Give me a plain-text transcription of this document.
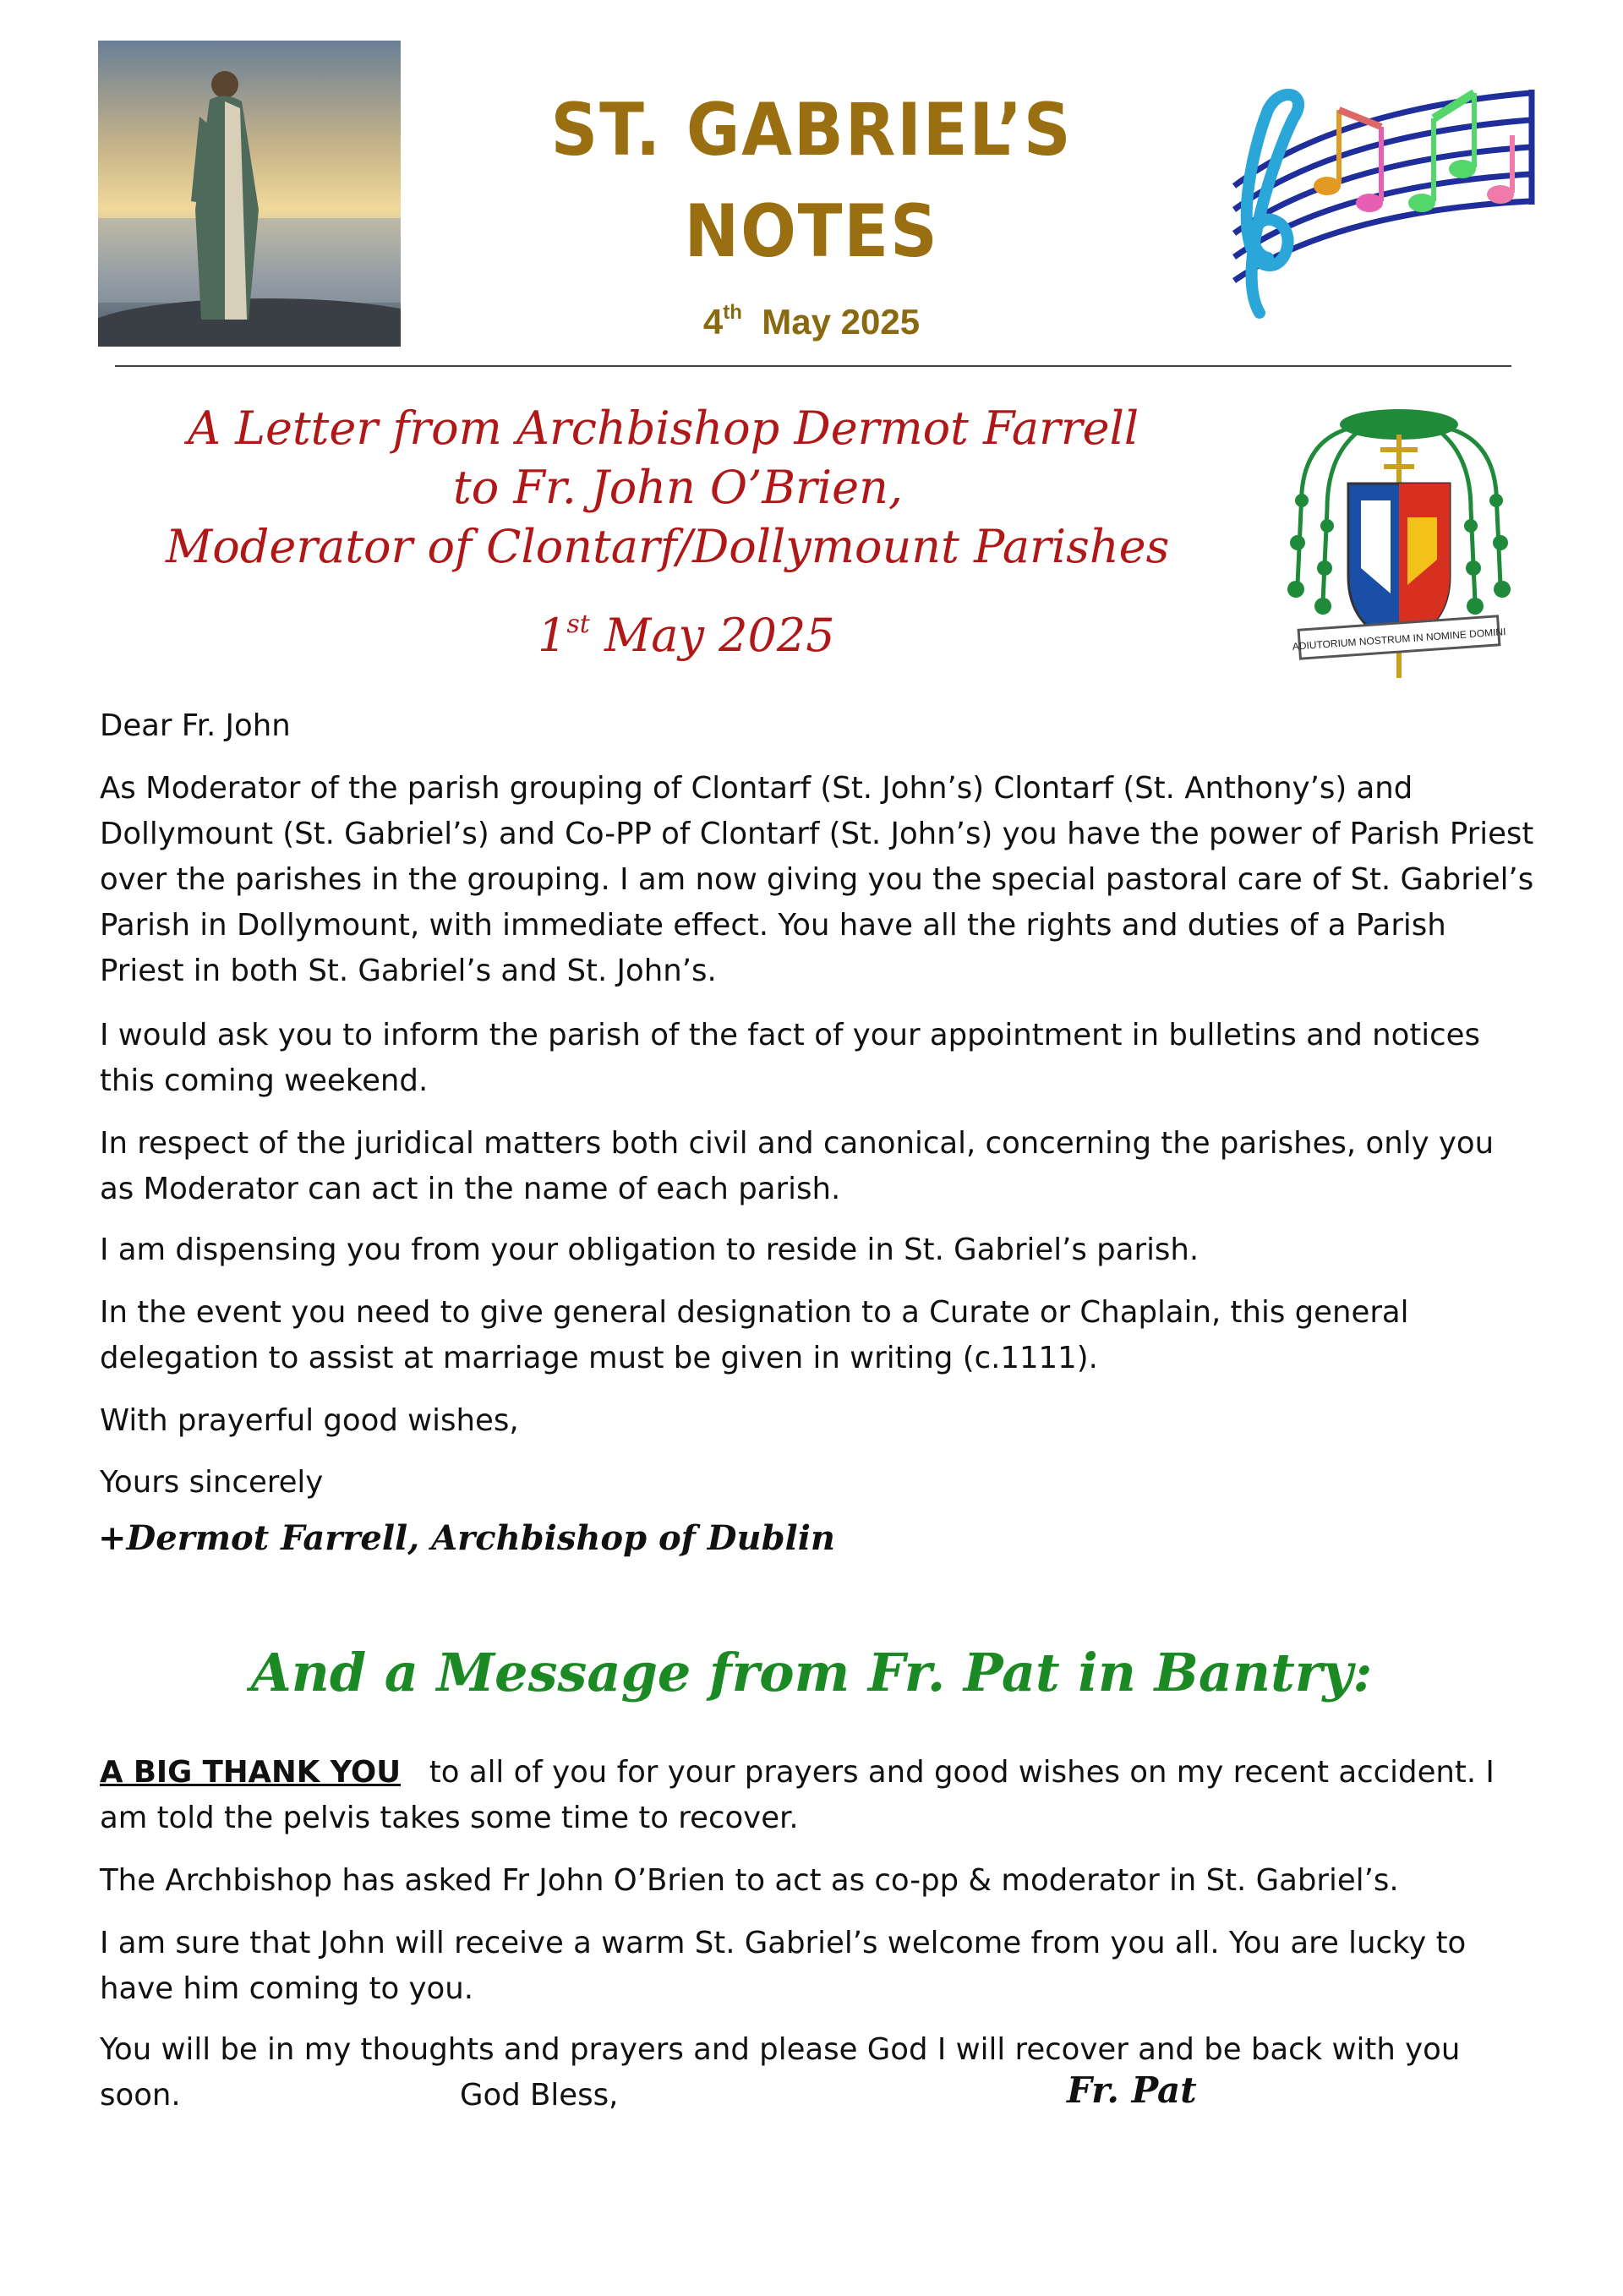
ST. GABRIEL’S
NOTES
4th May 2025
A Letter from Archbishop Dermot Farrell
to Fr. John O’Brien,
Moderator of Clontarf/Dollymount Parishes
1st May 2025	ADIUTORIUM NOSTRUM IN NOMINE DOMINI
Dear Fr. John
As Moderator of the parish grouping of Clontarf (St. John’s) Clontarf (St. Anthony’s) and Dollymount (St. Gabriel’s) and Co-PP of Clontarf (St. John’s) you have the power of Parish Priest over the parishes in the grouping. I am now giving you the special pastoral care of St. Gabriel’s Parish in Dollymount, with immediate effect. You have all the rights and duties of a Parish Priest in both St. Gabriel’s and St. John’s.
I would ask you to inform the parish of the fact of your appointment in bulletins and notices this coming weekend.
In respect of the juridical matters both civil and canonical, concerning the parishes, only you as Moderator can act in the name of each parish.
I am dispensing you from your obligation to reside in St. Gabriel’s parish.
In the event you need to give general designation to a Curate or Chaplain, this general delegation to assist at marriage must be given in writing (c.1111).
With prayerful good wishes,
Yours sincerely
+Dermot Farrell, Archbishop of Dublin
And a Message from Fr. Pat in Bantry:
A BIG THANK YOU to all of you for your prayers and good wishes on my recent accident. I am told the pelvis takes some time to recover.
The Archbishop has asked Fr John O’Brien to act as co-pp & moderator in St. Gabriel’s.
I am sure that John will receive a warm St. Gabriel’s welcome from you all. You are lucky to have him coming to you.
You will be in my thoughts and prayers and please God I will recover and be back with you soon.	God Bless,	Fr. Pat
